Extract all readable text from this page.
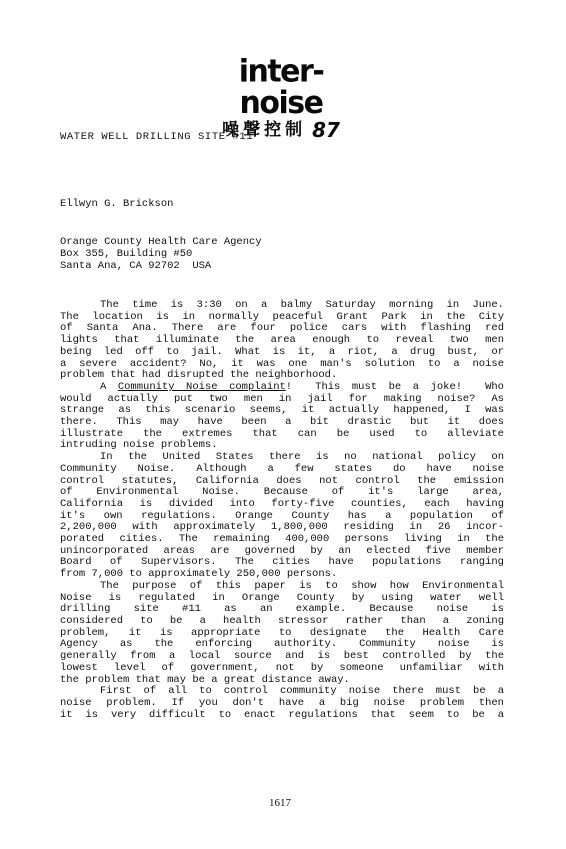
inter-noise
噪聲控制 87
WATER WELL DRILLING SITE #11
Ellwyn G. Brickson
Orange County Health Care Agency
Box 355, Building #50
Santa Ana, CA 92702  USA
The time is 3:30 on a balmy Saturday morning in June.
The location is in normally peaceful Grant Park in the City
of Santa Ana. There are four police cars with flashing red
lights that illuminate the area enough to reveal two men
being led off to jail. What is it, a riot, a drug bust, or
a severe accident? No, it was one man's solution to a noise
problem that had disrupted the neighborhood.
A Community Noise complaint!  This must be a joke!  Who
would actually put two men in jail for making noise? As
strange as this scenario seems, it actually happened, I was
there. This may have been a bit drastic but it does
illustrate the extremes that can be used to alleviate
intruding noise problems.
In the United States there is no national policy on
Community Noise. Although a few states do have noise
control statutes, California does not control the emission
of Environmental Noise. Because of it's large area,
California is divided into forty-five counties, each having
it's own regulations. Orange County has a population of
2,200,000 with approximately 1,800,000 residing in 26 incor-
porated cities. The remaining 400,000 persons living in the
unincorporated areas are governed by an elected five member
Board of Supervisors. The cities have populations ranging
from 7,000 to approximately 250,000 persons.
The purpose of this paper is to show how Environmental
Noise is regulated in Orange County by using water well
drilling site #11 as an example. Because noise is
considered to be a health stressor rather than a zoning
problem, it is appropriate to designate the Health Care
Agency as the enforcing authority. Community noise is
generally from a local source and is best controlled by the
lowest level of government, not by someone unfamiliar with
the problem that may be a great distance away.
First of all to control community noise there must be a
noise problem. If you don't have a big noise problem then
it is very difficult to enact regulations that seem to be a
1617
